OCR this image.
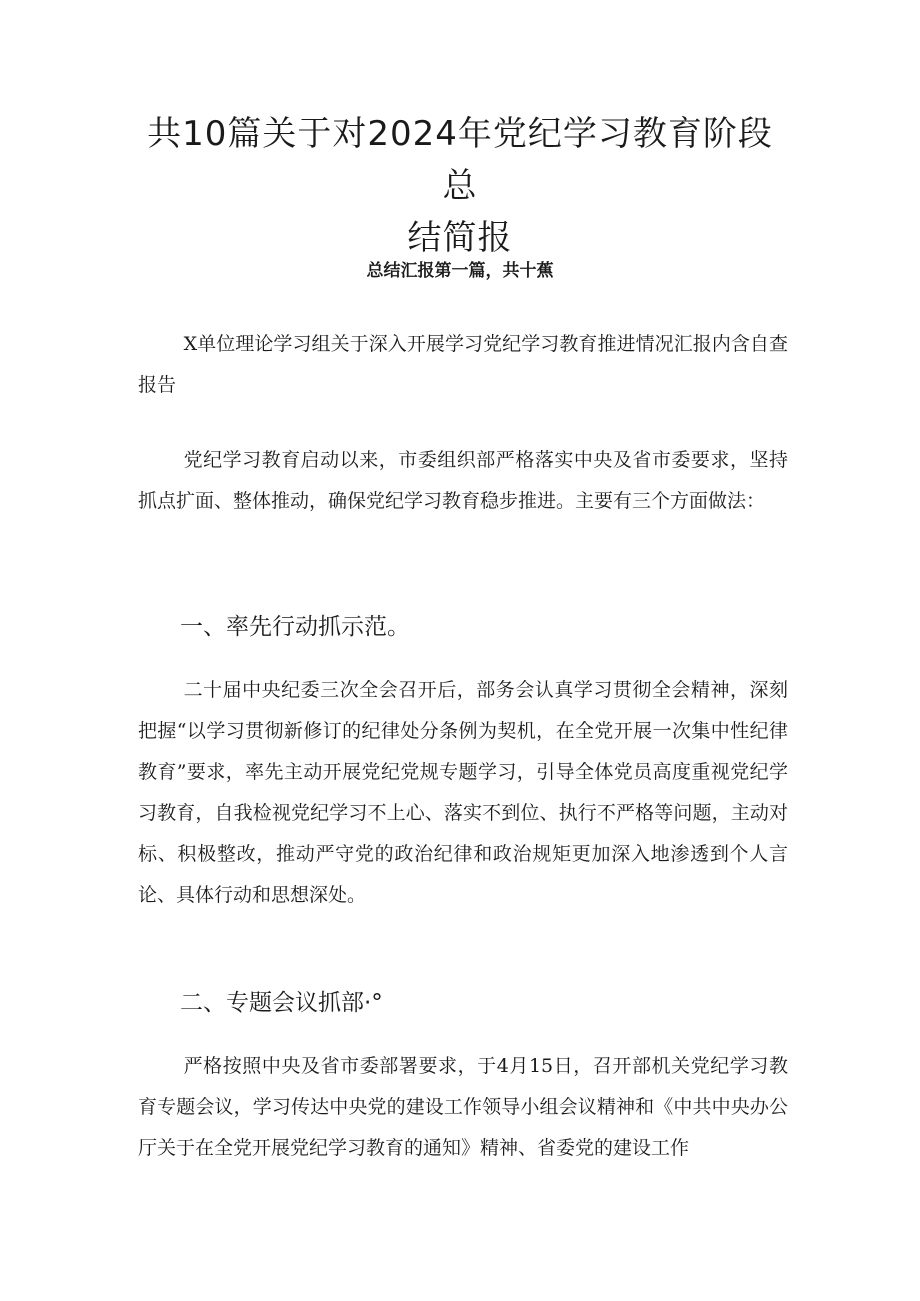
共10篇关于对2024年党纪学习教育阶段总
结简报

总结汇报第一篇，共十蕉

X单位理论学习组关于深入开展学习党纪学习教育推进情况汇报内含自查报告

党纪学习教育启动以来，市委组织部严格落实中央及省市委要求，坚持抓点扩面、整体推动，确保党纪学习教育稳步推进。主要有三个方面做法：

一、率先行动抓示范。

二十届中央纪委三次全会召开后，部务会认真学习贯彻全会精神，深刻把握“以学习贯彻新修订的纪律处分条例为契机，在全党开展一次集中性纪律教育”要求，率先主动开展党纪党规专题学习，引导全体党员高度重视党纪学习教育，自我检视党纪学习不上心、落实不到位、执行不严格等问题，主动对标、积极整改，推动严守党的政治纪律和政治规矩更加深入地渗透到个人言论、具体行动和思想深处。

二、专题会议抓部·°

严格按照中央及省市委部署要求，于4月15日，召开部机关党纪学习教育专题会议，学习传达中央党的建设工作领导小组会议精神和《中共中央办公厅关于在全党开展党纪学习教育的通知》精神、省委党的建设工作
